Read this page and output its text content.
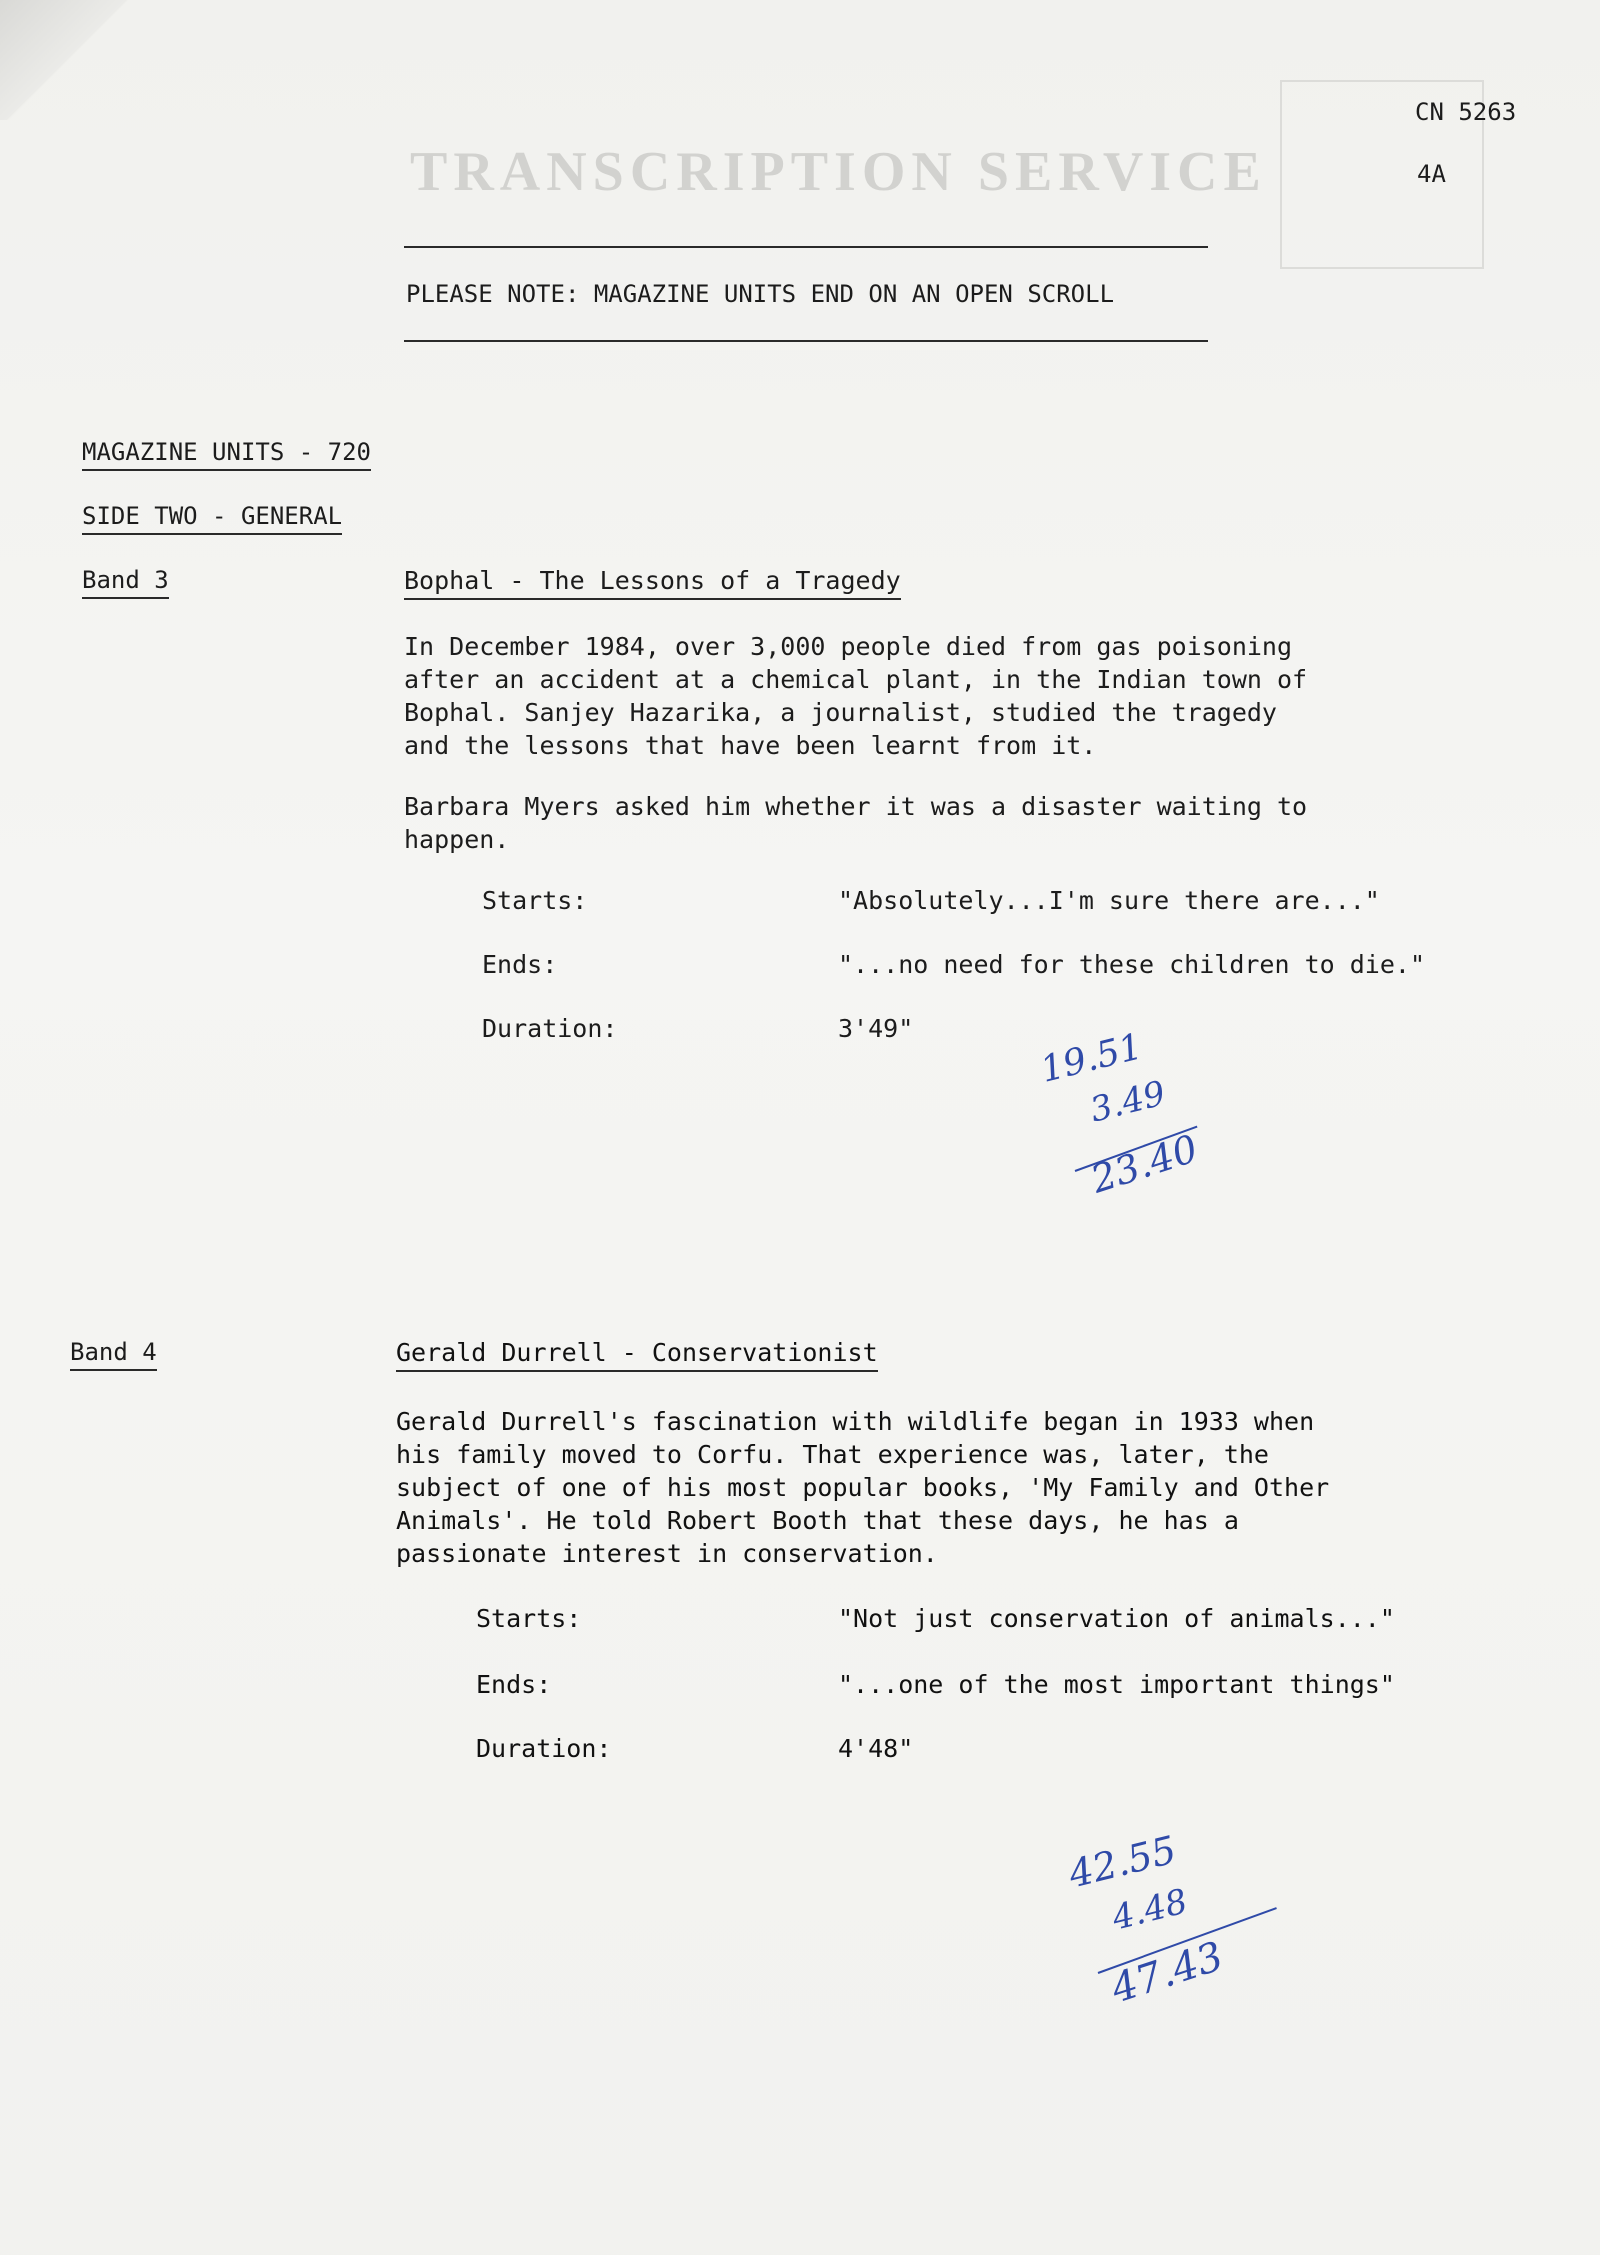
TRANSCRIPTION SERVICE
CN 5263
4A
PLEASE NOTE: MAGAZINE UNITS END ON AN OPEN SCROLL
MAGAZINE UNITS - 720
SIDE TWO - GENERAL
Band 3	Bophal - The Lessons of a Tragedy
In December 1984, over 3,000 people died from gas poisoning
after an accident at a chemical plant, in the Indian town of
Bophal. Sanjey Hazarika, a journalist, studied the tragedy
and the lessons that have been learnt from it.
Barbara Myers asked him whether it was a disaster waiting to
happen.
Starts:	"Absolutely...I'm sure there are..."
Ends:	"...no need for these children to die."
Duration:	3'49"	19.51
3.49
23.40
Band 4	Gerald Durrell - Conservationist
Gerald Durrell's fascination with wildlife began in 1933 when
his family moved to Corfu. That experience was, later, the
subject of one of his most popular books, 'My Family and Other
Animals'. He told Robert Booth that these days, he has a
passionate interest in conservation.
Starts:	"Not just conservation of animals..."
Ends:	"...one of the most important things"
Duration:	4'48"
42.55
4.48
47.43
